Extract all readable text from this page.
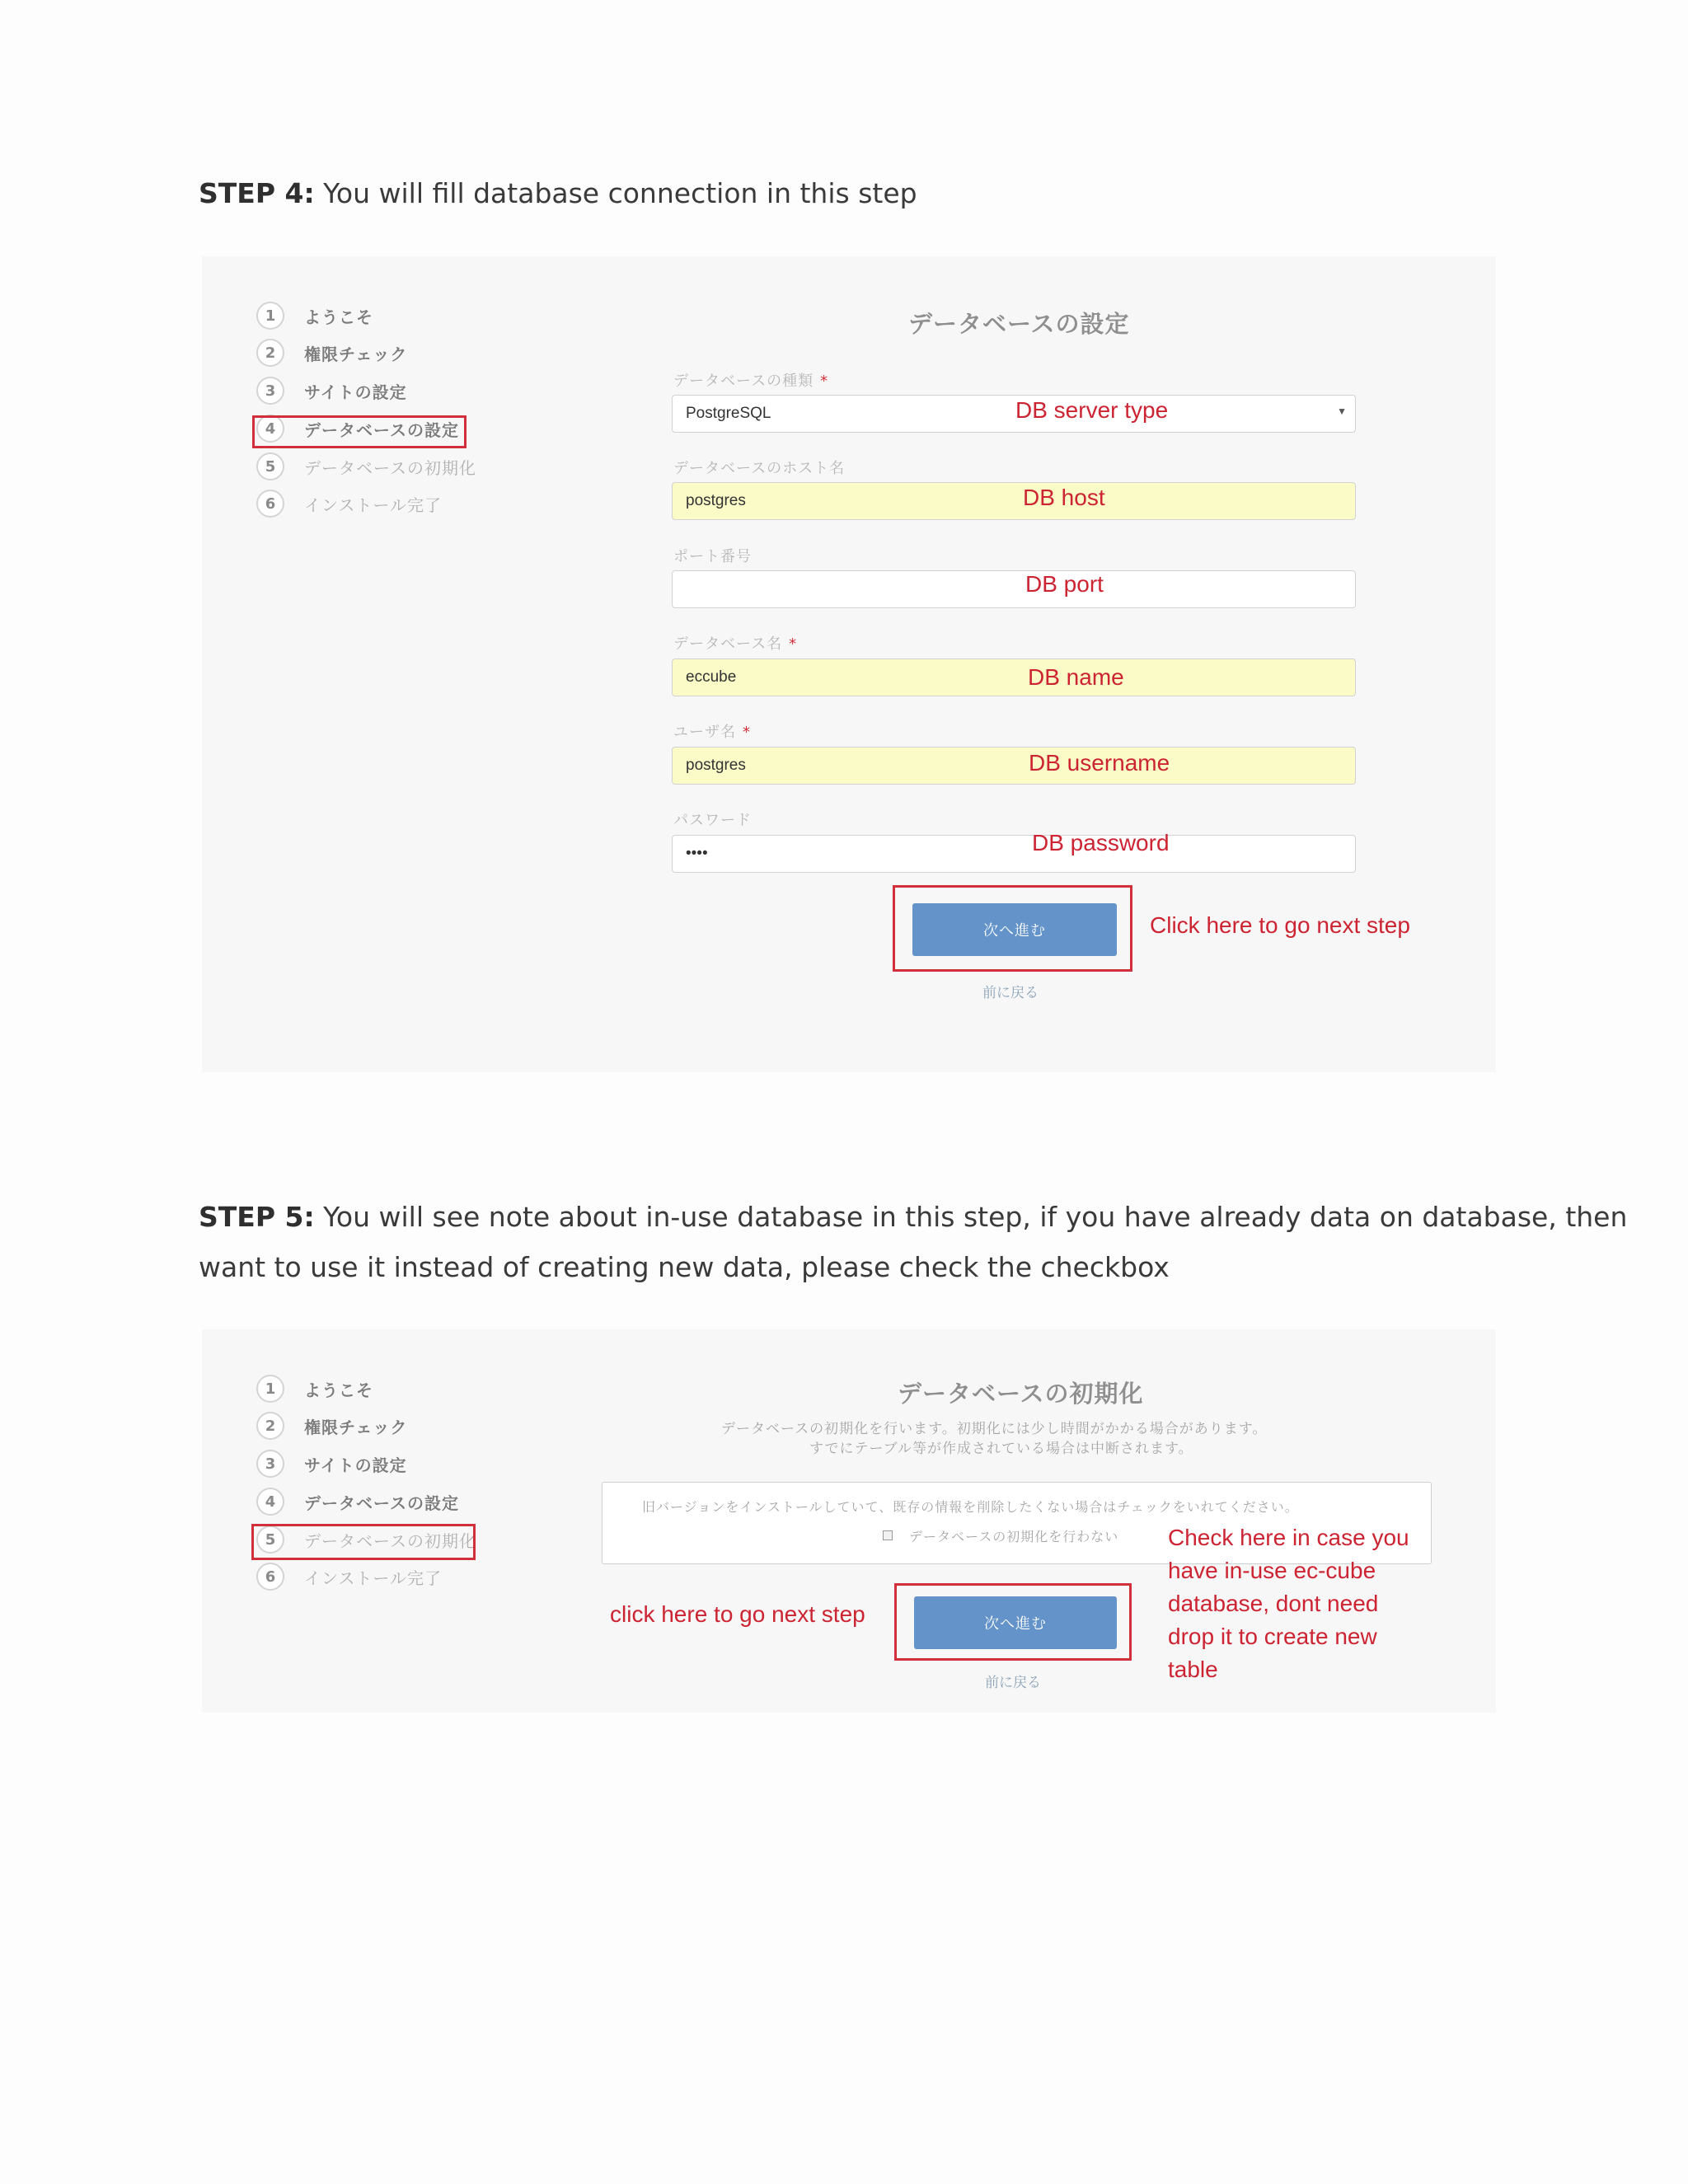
STEP 4: You will fill database connection in this step
1	ようこそ
2	権限チェック
3	サイトの設定
4	データベースの設定
5	データベースの初期化
6	インストール完了
データベースの設定
データベースの種類 *
PostgreSQL	▼
DB server type
データベースのホスト名
postgres	DB host
ポート番号
DB port
データベース名 *
eccube	DB name
ユーザ名 *
postgres	DB username
パスワード
••••	DB password
次へ進む
前に戻る
Click here to go next step
STEP 5: You will see note about in-use database in this step, if you have already data on database, then
want to use it instead of creating new data, please check the checkbox
1	ようこそ
2	権限チェック
3	サイトの設定
4	データベースの設定
5	データベースの初期化
6	インストール完了
データベースの初期化
データベースの初期化を行います。初期化には少し時間がかかる場合があります。
すでにテーブル等が作成されている場合は中断されます。
旧バージョンをインストールしていて、既存の情報を削除したくない場合はチェックをいれてください。
データベースの初期化を行わない
次へ進む
前に戻る
click here to go next step
Check here in case you
have in-use ec-cube
database, dont need
drop it to create new
table
